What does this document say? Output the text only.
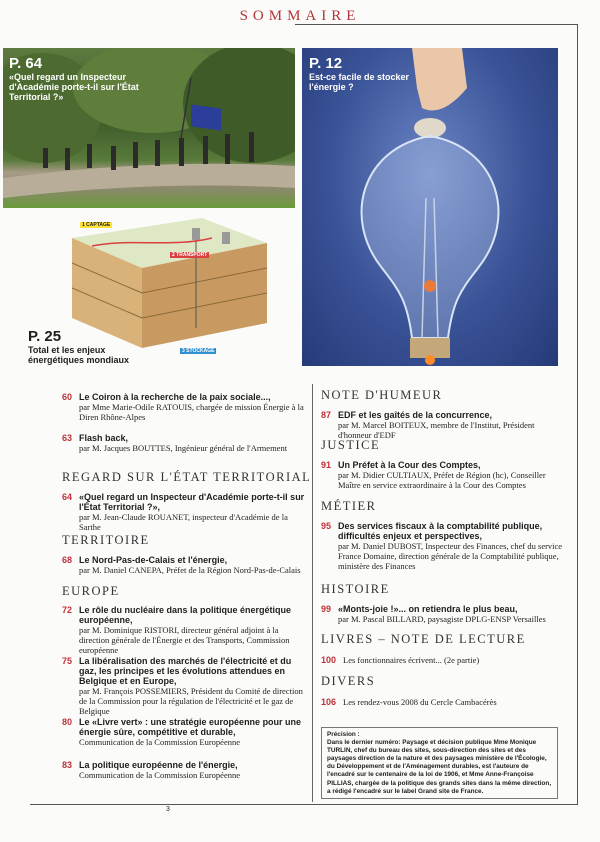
SOMMAIRE
P. 64
«Quel regard un Inspecteur d'Académie porte-t-il sur l'État Territorial ?»
P. 12
Est-ce facile de stocker l'énergie ?
1 CAPTAGE
2 TRANSPORT
3 STOCKAGE
P. 25
Total et les enjeux énergétiques mondiaux
60 Le Coiron à la recherche de la paix sociale...,
par Mme Marie-Odile RATOUIS, chargée de mission Énergie à la Diren Rhône-Alpes
63 Flash back,
par M. Jacques BOUTTES, Ingénieur général de l'Armement
REGARD SUR L'ÉTAT TERRITORIAL
64 «Quel regard un Inspecteur d'Académie porte-t-il sur l'État Territorial ?»,
par M. Jean-Claude ROUANET, inspecteur d'Académie de la Sarthe
TERRITOIRE
68 Le Nord-Pas-de-Calais et l'énergie,
par M. Daniel CANEPA, Préfet de la Région Nord-Pas-de-Calais
EUROPE
72 Le rôle du nucléaire dans la politique énergétique européenne,
par M. Dominique RISTORI, directeur général adjoint à la direction générale de l'Énergie et des Transports, Commission européenne
75 La libéralisation des marchés de l'électricité et du gaz, les principes et les évolutions attendues en Belgique et en Europe,
par M. François POSSEMIERS, Président du Comité de direction de la Commission pour la régulation de l'électricité et le gaz de Belgique
80 Le «Livre vert» : une stratégie européenne pour une énergie sûre, compétitive et durable,
Communication de la Commission Européenne
83 La politique européenne de l'énergie,
Communication de la Commission Européenne
NOTE D'HUMEUR
87 EDF et les gaîtés de la concurrence,
par M. Marcel BOITEUX, membre de l'Institut, Président d'honneur d'EDF
JUSTICE
91 Un Préfet à la Cour des Comptes,
par M. Didier CULTIAUX, Préfet de Région (hc), Conseiller Maître en service extraordinaire à la Cour des Comptes
MÉTIER
95 Des services fiscaux à la comptabilité publique, difficultés enjeux et perspectives,
par M. Daniel DUBOST, Inspecteur des Finances, chef du service France Domaine, direction générale de la Comptabilité publique, ministère des Finances
HISTOIRE
99 «Monts-joie !»... on retiendra le plus beau,
par M. Pascal BILLARD, paysagiste DPLG-ENSP Versailles
LIVRES – NOTE DE LECTURE
100 Les fonctionnaires écrivent... (2e partie)
DIVERS
106 Les rendez-vous 2008 du Cercle Cambacérès
Précision :
Dans le dernier numéro: Paysage et décision publique Mme Monique TURLIN, chef du bureau des sites, sous-direction des sites et des paysages direction de la nature et des paysages ministère de l'Écologie, du Développement et de l'Aménagement durables, est l'auteure de l'encadré sur le centenaire de la loi de 1906, et Mme Anne-Françoise PILLIAS, chargée de la politique des grands sites dans la même direction, a rédigé l'encadré sur le label Grand site de France.
3
